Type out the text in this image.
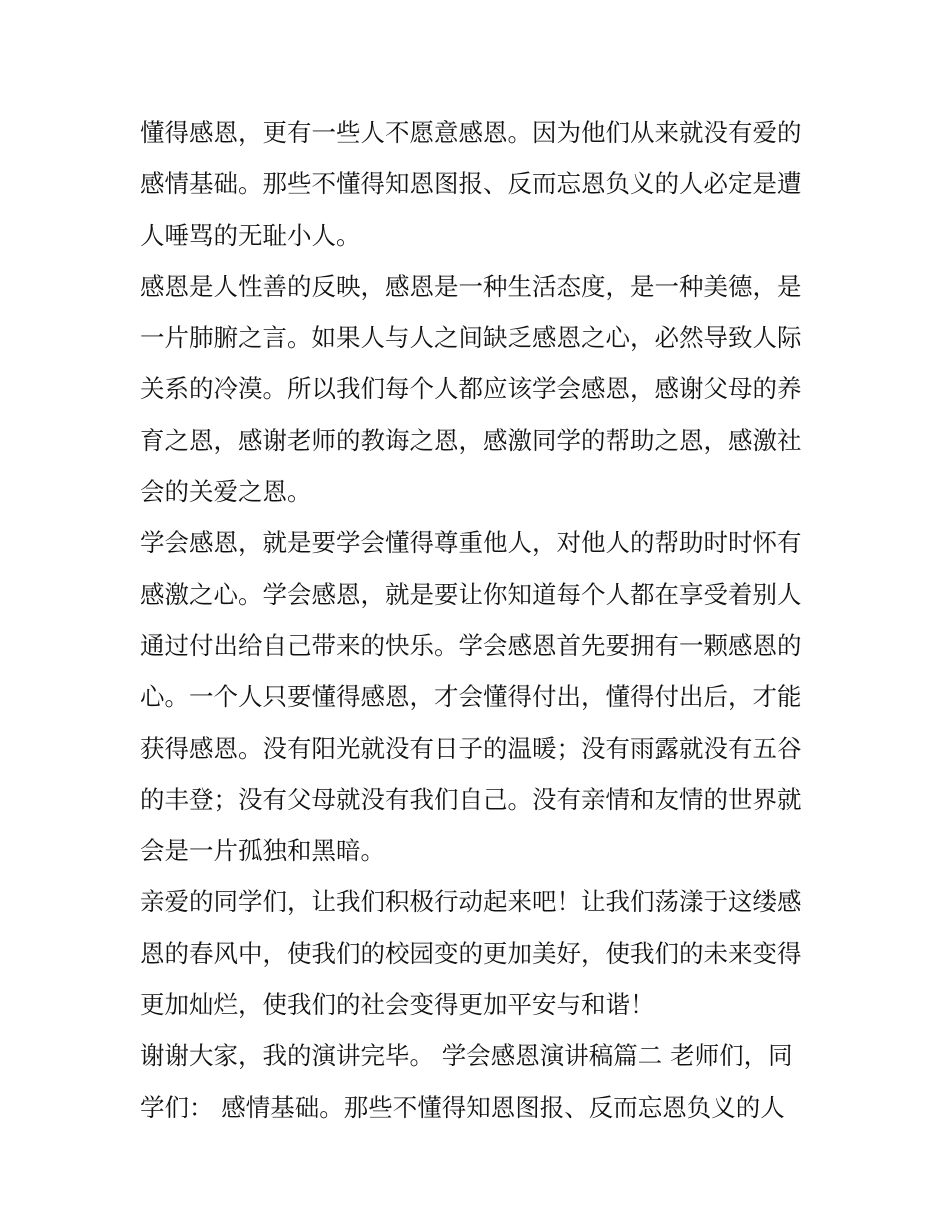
懂得感恩，更有一些人不愿意感恩。因为他们从来就没有爱的
感情基础。那些不懂得知恩图报、反而忘恩负义的人必定是遭
人唾骂的无耻小人。
感恩是人性善的反映，感恩是一种生活态度，是一种美德，是
一片肺腑之言。如果人与人之间缺乏感恩之心，必然导致人际
关系的冷漠。所以我们每个人都应该学会感恩，感谢父母的养
育之恩，感谢老师的教诲之恩，感激同学的帮助之恩，感激社
会的关爱之恩。
学会感恩，就是要学会懂得尊重他人，对他人的帮助时时怀有
感激之心。学会感恩，就是要让你知道每个人都在享受着别人
通过付出给自己带来的快乐。学会感恩首先要拥有一颗感恩的
心。一个人只要懂得感恩，才会懂得付出，懂得付出后，才能
获得感恩。没有阳光就没有日子的温暖；没有雨露就没有五谷
的丰登；没有父母就没有我们自己。没有亲情和友情的世界就
会是一片孤独和黑暗。
亲爱的同学们，让我们积极行动起来吧！让我们荡漾于这缕感
恩的春风中，使我们的校园变的更加美好，使我们的未来变得
更加灿烂，使我们的社会变得更加平安与和谐！
谢谢大家，我的演讲完毕。 学会感恩演讲稿篇二 老师们，同
学们： 感情基础。那些不懂得知恩图报、反而忘恩负义的人
